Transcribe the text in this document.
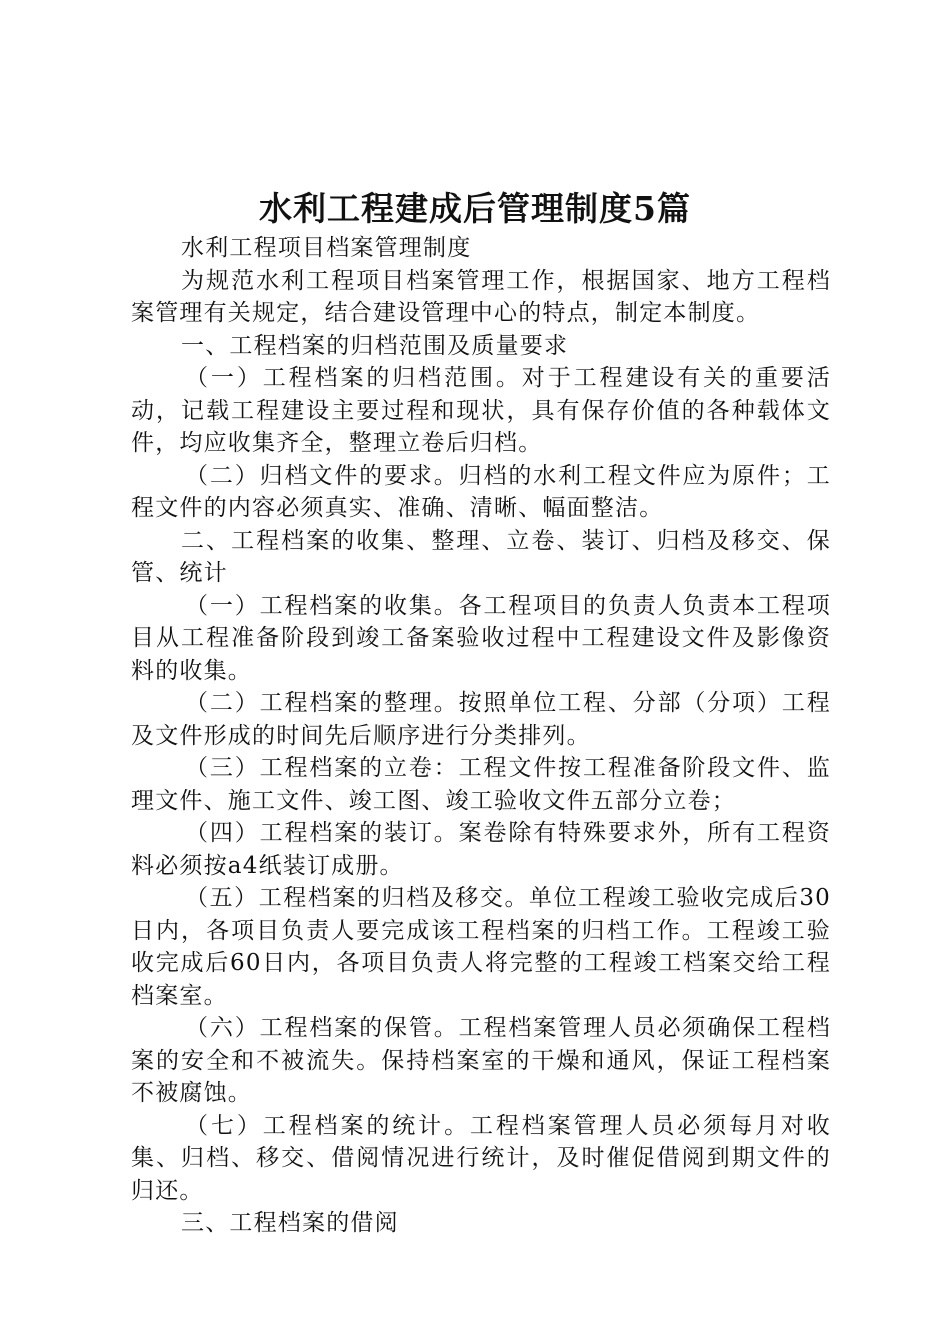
水利工程建成后管理制度5篇

水利工程项目档案管理制度

为规范水利工程项目档案管理工作，根据国家、地方工程档案管理有关规定，结合建设管理中心的特点，制定本制度。

一、工程档案的归档范围及质量要求

（一）工程档案的归档范围。对于工程建设有关的重要活动，记载工程建设主要过程和现状，具有保存价值的各种载体文件，均应收集齐全，整理立卷后归档。

（二）归档文件的要求。归档的水利工程文件应为原件；工程文件的内容必须真实、准确、清晰、幅面整洁。

二、工程档案的收集、整理、立卷、装订、归档及移交、保管、统计

（一）工程档案的收集。各工程项目的负责人负责本工程项目从工程准备阶段到竣工备案验收过程中工程建设文件及影像资料的收集。

（二）工程档案的整理。按照单位工程、分部（分项）工程及文件形成的时间先后顺序进行分类排列。

（三）工程档案的立卷：工程文件按工程准备阶段文件、监理文件、施工文件、竣工图、竣工验收文件五部分立卷；

（四）工程档案的装订。案卷除有特殊要求外，所有工程资料必须按a4纸装订成册。

（五）工程档案的归档及移交。单位工程竣工验收完成后30日内，各项目负责人要完成该工程档案的归档工作。工程竣工验收完成后60日内，各项目负责人将完整的工程竣工档案交给工程档案室。

（六）工程档案的保管。工程档案管理人员必须确保工程档案的安全和不被流失。保持档案室的干燥和通风，保证工程档案不被腐蚀。

（七）工程档案的统计。工程档案管理人员必须每月对收集、归档、移交、借阅情况进行统计，及时催促借阅到期文件的归还。

三、工程档案的借阅
